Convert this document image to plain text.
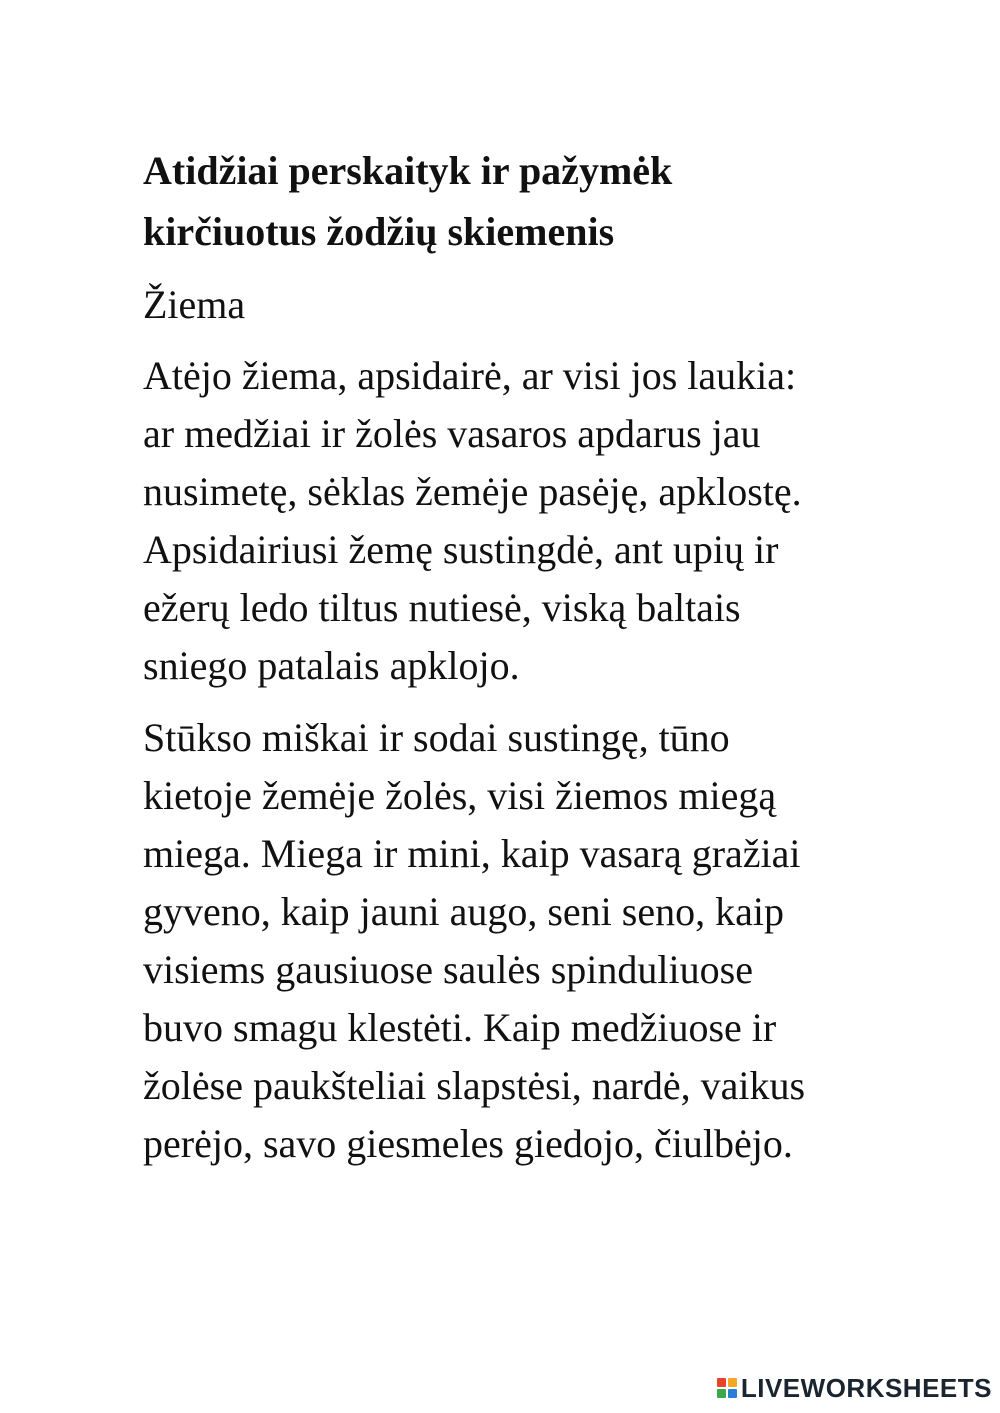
Atidžiai perskaityk ir pažymėk
kirčiuotus žodžių skiemenis

Žiema

Atėjo žiema, apsidairė, ar visi jos laukia:
ar medžiai ir žolės vasaros apdarus jau
nusimetę, sėklas žemėje pasėję, apklostę.
Apsidairiusi žemę sustingdė, ant upių ir
ežerų ledo tiltus nutiesė, viską baltais
sniego patalais apklojo.

Stūkso miškai ir sodai sustingę, tūno
kietoje žemėje žolės, visi žiemos miegą
miega. Miega ir mini, kaip vasarą gražiai
gyveno, kaip jauni augo, seni seno, kaip
visiems gausiuose saulės spinduliuose
buvo smagu klestėti. Kaip medžiuose ir
žolėse paukšteliai slapstėsi, nardė, vaikus
perėjo, savo giesmeles giedojo, čiulbėjo.

LIVEWORKSHEETS
